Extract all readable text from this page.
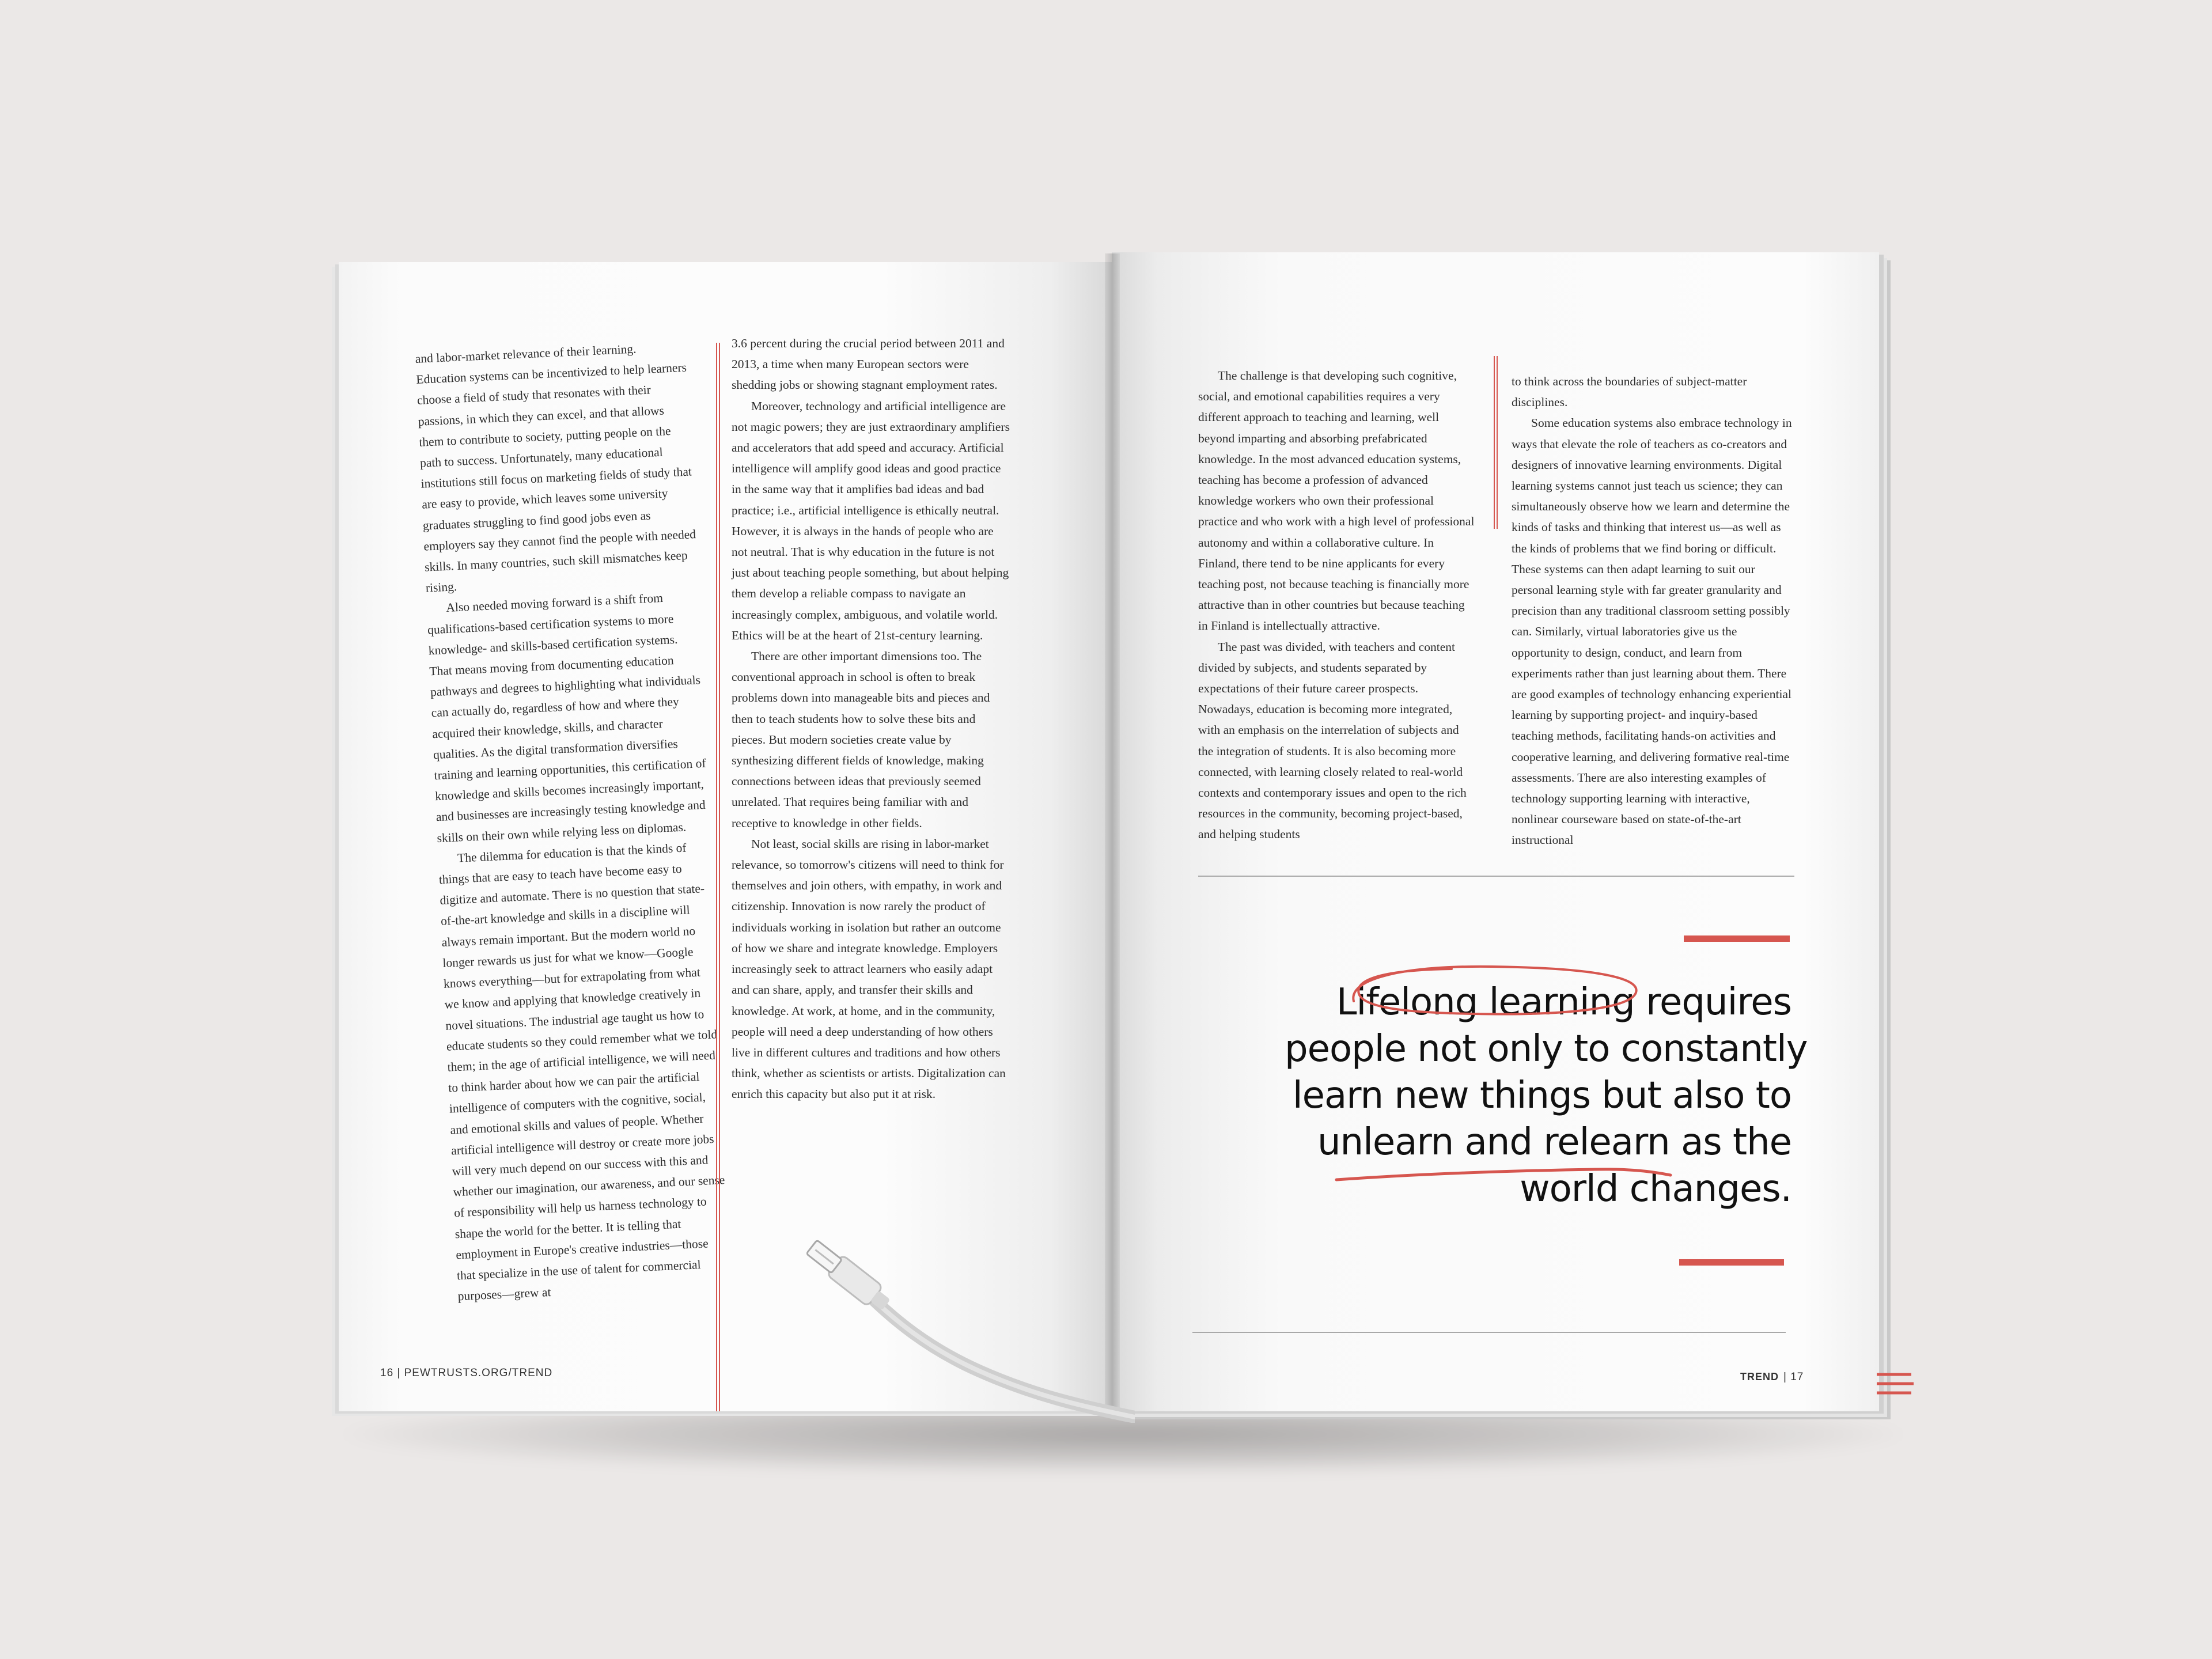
and labor-market relevance of their learning. Education systems can be incentivized to help learners choose a field of study that resonates with their passions, in which they can excel, and that allows them to contribute to society, putting people on the path to success. Unfortunately, many educational institutions still focus on marketing fields of study that are easy to provide, which leaves some university graduates struggling to find good jobs even as employers say they cannot find the people with needed skills. In many countries, such skill mismatches keep rising.

Also needed moving forward is a shift from qualifications-based certification systems to more knowledge- and skills-based certification systems. That means moving from documenting education pathways and degrees to highlighting what individuals can actually do, regardless of how and where they acquired their knowledge, skills, and character qualities. As the digital transformation diversifies training and learning opportunities, this certification of knowledge and skills becomes increasingly important, and businesses are increasingly testing knowledge and skills on their own while relying less on diplomas.

The dilemma for education is that the kinds of things that are easy to teach have become easy to digitize and automate. There is no question that state-of-the-art knowledge and skills in a discipline will always remain important. But the modern world no longer rewards us just for what we know—Google knows everything—but for extrapolating from what we know and applying that knowledge creatively in novel situations. The industrial age taught us how to educate students so they could remember what we told them; in the age of artificial intelligence, we will need to think harder about how we can pair the artificial intelligence of computers with the cognitive, social, and emotional skills and values of people. Whether artificial intelligence will destroy or create more jobs will very much depend on our success with this and whether our imagination, our awareness, and our sense of responsibility will help us harness technology to shape the world for the better. It is telling that employment in Europe's creative industries—those that specialize in the use of talent for commercial purposes—grew at

3.6 percent during the crucial period between 2011 and 2013, a time when many European sectors were shedding jobs or showing stagnant employment rates.

Moreover, technology and artificial intelligence are not magic powers; they are just extraordinary amplifiers and accelerators that add speed and accuracy. Artificial intelligence will amplify good ideas and good practice in the same way that it amplifies bad ideas and bad practice; i.e., artificial intelligence is ethically neutral. However, it is always in the hands of people who are not neutral. That is why education in the future is not just about teaching people something, but about helping them develop a reliable compass to navigate an increasingly complex, ambiguous, and volatile world. Ethics will be at the heart of 21st-century learning.

There are other important dimensions too. The conventional approach in school is often to break problems down into manageable bits and pieces and then to teach students how to solve these bits and pieces. But modern societies create value by synthesizing different fields of knowledge, making connections between ideas that previously seemed unrelated. That requires being familiar with and receptive to knowledge in other fields.

Not least, social skills are rising in labor-market relevance, so tomorrow's citizens will need to think for themselves and join others, with empathy, in work and citizenship. Innovation is now rarely the product of individuals working in isolation but rather an outcome of how we share and integrate knowledge. Employers increasingly seek to attract learners who easily adapt and can share, apply, and transfer their skills and knowledge. At work, at home, and in the community, people will need a deep understanding of how others live in different cultures and traditions and how others think, whether as scientists or artists. Digitalization can enrich this capacity but also put it at risk.

16 | PEWTRUSTS.ORG/TREND

The challenge is that developing such cognitive, social, and emotional capabilities requires a very different approach to teaching and learning, well beyond imparting and absorbing prefabricated knowledge. In the most advanced education systems, teaching has become a profession of advanced knowledge workers who own their professional practice and who work with a high level of professional autonomy and within a collaborative culture. In Finland, there tend to be nine applicants for every teaching post, not because teaching is financially more attractive than in other countries but because teaching in Finland is intellectually attractive.

The past was divided, with teachers and content divided by subjects, and students separated by expectations of their future career prospects. Nowadays, education is becoming more integrated, with an emphasis on the interrelation of subjects and the integration of students. It is also becoming more connected, with learning closely related to real-world contexts and contemporary issues and open to the rich resources in the community, becoming project-based, and helping students

to think across the boundaries of subject-matter disciplines.

Some education systems also embrace technology in ways that elevate the role of teachers as co-creators and designers of innovative learning environments. Digital learning systems cannot just teach us science; they can simultaneously observe how we learn and determine the kinds of tasks and thinking that interest us—as well as the kinds of problems that we find boring or difficult. These systems can then adapt learning to suit our personal learning style with far greater granularity and precision than any traditional classroom setting possibly can. Similarly, virtual laboratories give us the opportunity to design, conduct, and learn from experiments rather than just learning about them. There are good examples of technology enhancing experiential learning by supporting project- and inquiry-based teaching methods, facilitating hands-on activities and cooperative learning, and delivering formative real-time assessments. There are also interesting examples of technology supporting learning with interactive, nonlinear courseware based on state-of-the-art instructional

TREND | 17
Lifelong learning requires
people not only to constantly
learn new things but also to
unlearn and relearn as the
world changes.
